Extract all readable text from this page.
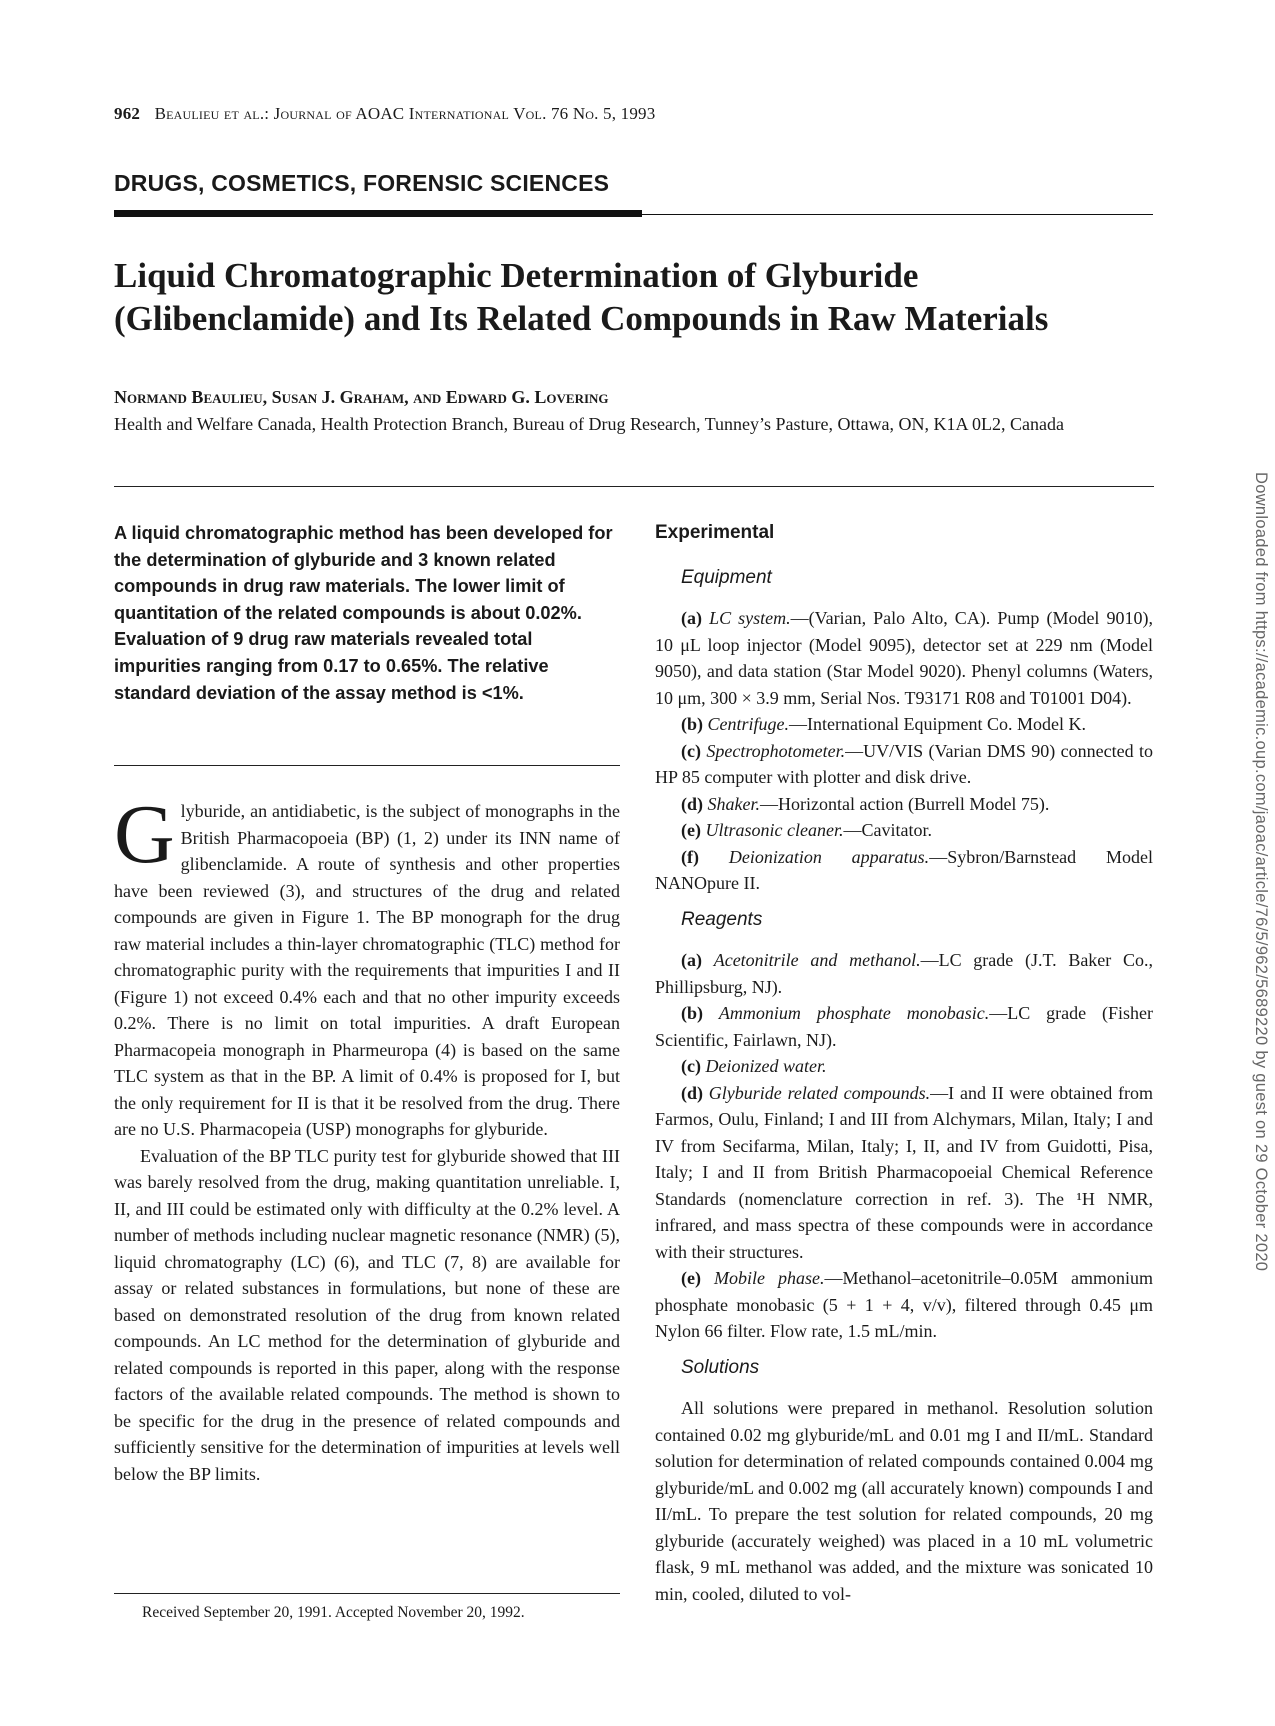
962 Beaulieu et al.: Journal of AOAC International Vol. 76 No. 5, 1993
DRUGS, COSMETICS, FORENSIC SCIENCES
Liquid Chromatographic Determination of Glyburide
(Glibenclamide) and Its Related Compounds in Raw Materials
Normand Beaulieu, Susan J. Graham, and Edward G. Lovering
Health and Welfare Canada, Health Protection Branch, Bureau of Drug Research, Tunney’s Pasture, Ottawa, ON, K1A 0L2, Canada
A liquid chromatographic method has been developed for the determination of glyburide and 3 known related compounds in drug raw materials. The lower limit of quantitation of the related compounds is about 0.02%. Evaluation of 9 drug raw materials revealed total impurities ranging from 0.17 to 0.65%. The relative standard deviation of the assay method is <1%.

Glyburide, an antidiabetic, is the subject of monographs in the British Pharmacopoeia (BP) (1, 2) under its INN name of glibenclamide. A route of synthesis and other properties have been reviewed (3), and structures of the drug and related compounds are given in Figure 1. The BP monograph for the drug raw material includes a thin-layer chromatographic (TLC) method for chromatographic purity with the requirements that impurities I and II (Figure 1) not exceed 0.4% each and that no other impurity exceeds 0.2%. There is no limit on total impurities. A draft European Pharmacopeia monograph in Pharmeuropa (4) is based on the same TLC system as that in the BP. A limit of 0.4% is proposed for I, but the only requirement for II is that it be resolved from the drug. There are no U.S. Pharmacopeia (USP) monographs for glyburide.

Evaluation of the BP TLC purity test for glyburide showed that III was barely resolved from the drug, making quantitation unreliable. I, II, and III could be estimated only with difficulty at the 0.2% level. A number of methods including nuclear magnetic resonance (NMR) (5), liquid chromatography (LC) (6), and TLC (7, 8) are available for assay or related substances in formulations, but none of these are based on demonstrated resolution of the drug from known related compounds. An LC method for the determination of glyburide and related compounds is reported in this paper, along with the response factors of the available related compounds. The method is shown to be specific for the drug in the presence of related compounds and sufficiently sensitive for the determination of impurities at levels well below the BP limits.

Received September 20, 1991. Accepted November 20, 1992.
Experimental
Equipment

(a) LC system.—(Varian, Palo Alto, CA). Pump (Model 9010), 10 μL loop injector (Model 9095), detector set at 229 nm (Model 9050), and data station (Star Model 9020). Phenyl columns (Waters, 10 μm, 300 × 3.9 mm, Serial Nos. T93171 R08 and T01001 D04).

(b) Centrifuge.—International Equipment Co. Model K.

(c) Spectrophotometer.—UV/VIS (Varian DMS 90) connected to HP 85 computer with plotter and disk drive.

(d) Shaker.—Horizontal action (Burrell Model 75).

(e) Ultrasonic cleaner.—Cavitator.

(f) Deionization apparatus.—Sybron/Barnstead Model NANOpure II.

Reagents

(a) Acetonitrile and methanol.—LC grade (J.T. Baker Co., Phillipsburg, NJ).

(b) Ammonium phosphate monobasic.—LC grade (Fisher Scientific, Fairlawn, NJ).

(c) Deionized water.

(d) Glyburide related compounds.—I and II were obtained from Farmos, Oulu, Finland; I and III from Alchymars, Milan, Italy; I and IV from Secifarma, Milan, Italy; I, II, and IV from Guidotti, Pisa, Italy; I and II from British Pharmacopoeial Chemical Reference Standards (nomenclature correction in ref. 3). The ¹H NMR, infrared, and mass spectra of these compounds were in accordance with their structures.

(e) Mobile phase.—Methanol–acetonitrile–0.05M ammonium phosphate monobasic (5 + 1 + 4, v/v), filtered through 0.45 μm Nylon 66 filter. Flow rate, 1.5 mL/min.

Solutions

All solutions were prepared in methanol. Resolution solution contained 0.02 mg glyburide/mL and 0.01 mg I and II/mL. Standard solution for determination of related compounds contained 0.004 mg glyburide/mL and 0.002 mg (all accurately known) compounds I and II/mL. To prepare the test solution for related compounds, 20 mg glyburide (accurately weighed) was placed in a 10 mL volumetric flask, 9 mL methanol was added, and the mixture was sonicated 10 min, cooled, diluted to vol-

Downloaded from https://academic.oup.com/jaoac/article/76/5/962/5689220 by guest on 29 October 2020
